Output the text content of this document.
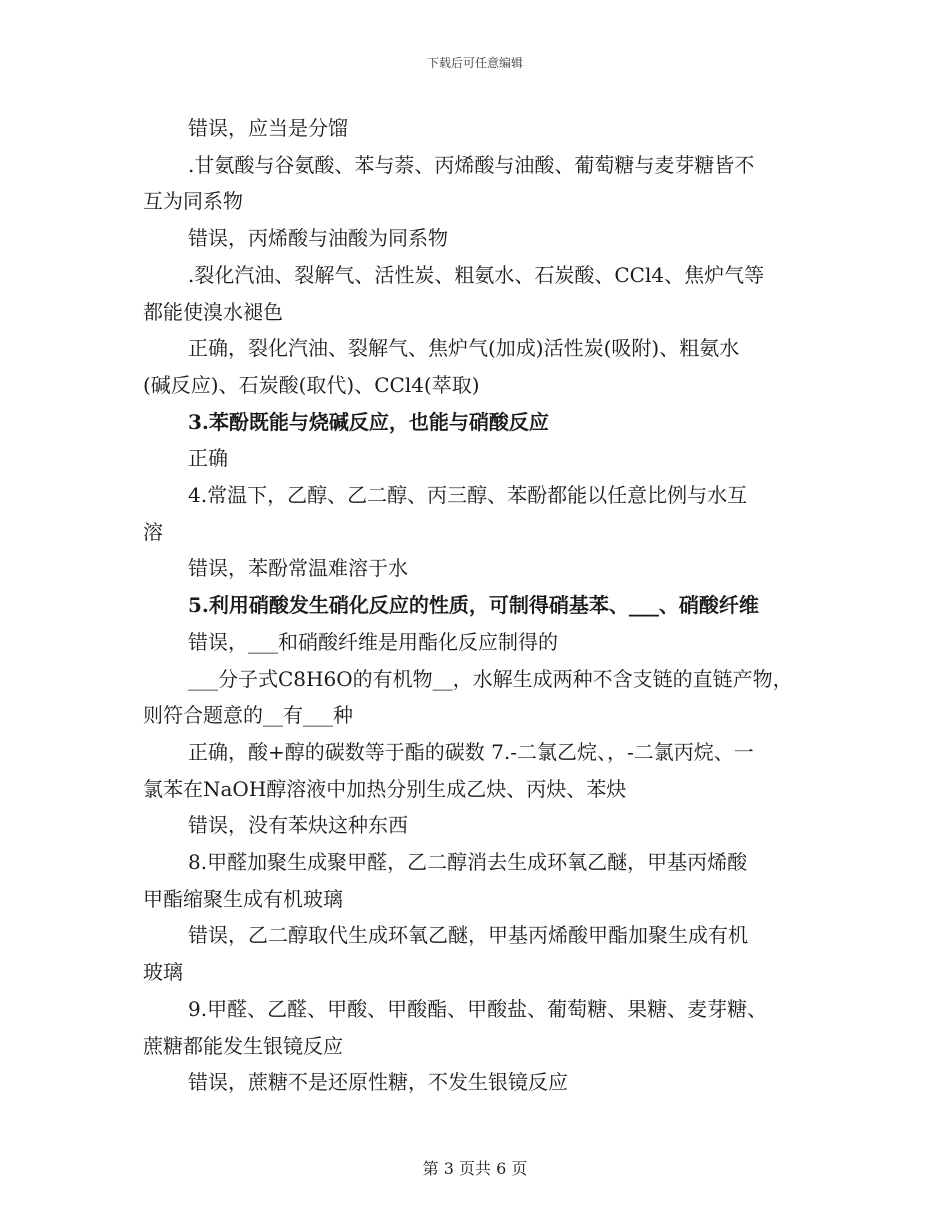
下载后可任意编辑

错误，应当是分馏

.甘氨酸与谷氨酸、苯与萘、丙烯酸与油酸、葡萄糖与麦芽糖皆不

互为同系物

错误，丙烯酸与油酸为同系物

.裂化汽油、裂解气、活性炭、粗氨水、石炭酸、CCl4、焦炉气等

都能使溴水褪色

正确，裂化汽油、裂解气、焦炉气(加成)活性炭(吸附)、粗氨水

(碱反应)、石炭酸(取代)、CCl4(萃取)

3.苯酚既能与烧碱反应，也能与硝酸反应

正确

4.常温下，乙醇、乙二醇、丙三醇、苯酚都能以任意比例与水互

溶

错误，苯酚常温难溶于水

5.利用硝酸发生硝化反应的性质，可制得硝基苯、___、硝酸纤维

错误，___和硝酸纤维是用酯化反应制得的

___分子式C8H6O的有机物__，水解生成两种不含支链的直链产物，

则符合题意的__有___种

正确，酸+醇的碳数等于酯的碳数 7.-二氯乙烷、，-二氯丙烷、一

氯苯在NaOH醇溶液中加热分别生成乙炔、丙炔、苯炔

错误，没有苯炔这种东西

8.甲醛加聚生成聚甲醛，乙二醇消去生成环氧乙醚，甲基丙烯酸

甲酯缩聚生成有机玻璃

错误，乙二醇取代生成环氧乙醚，甲基丙烯酸甲酯加聚生成有机

玻璃

9.甲醛、乙醛、甲酸、甲酸酯、甲酸盐、葡萄糖、果糖、麦芽糖、

蔗糖都能发生银镜反应

错误，蔗糖不是还原性糖，不发生银镜反应

第 3 页共 6 页
